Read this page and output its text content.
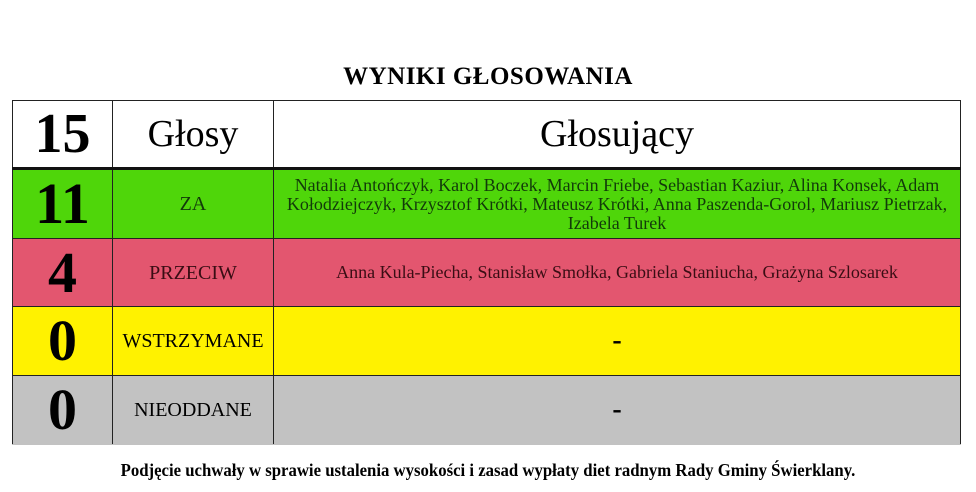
WYNIKI GŁOSOWANIA
15	Głosy	Głosujący
11	ZA	Natalia Antończyk, Karol Boczek, Marcin Friebe, Sebastian Kaziur, Alina Konsek, Adam Kołodziejczyk, Krzysztof Krótki, Mateusz Krótki, Anna Paszenda-Gorol, Mariusz Pietrzak, Izabela Turek
4	PRZECIW	Anna Kula-Piecha, Stanisław Smołka, Gabriela Staniucha, Grażyna Szlosarek
0	WSTRZYMANE	-
0	NIEODDANE	-
Podjęcie uchwały w sprawie ustalenia wysokości i zasad wypłaty diet radnym Rady Gminy Świerklany.
